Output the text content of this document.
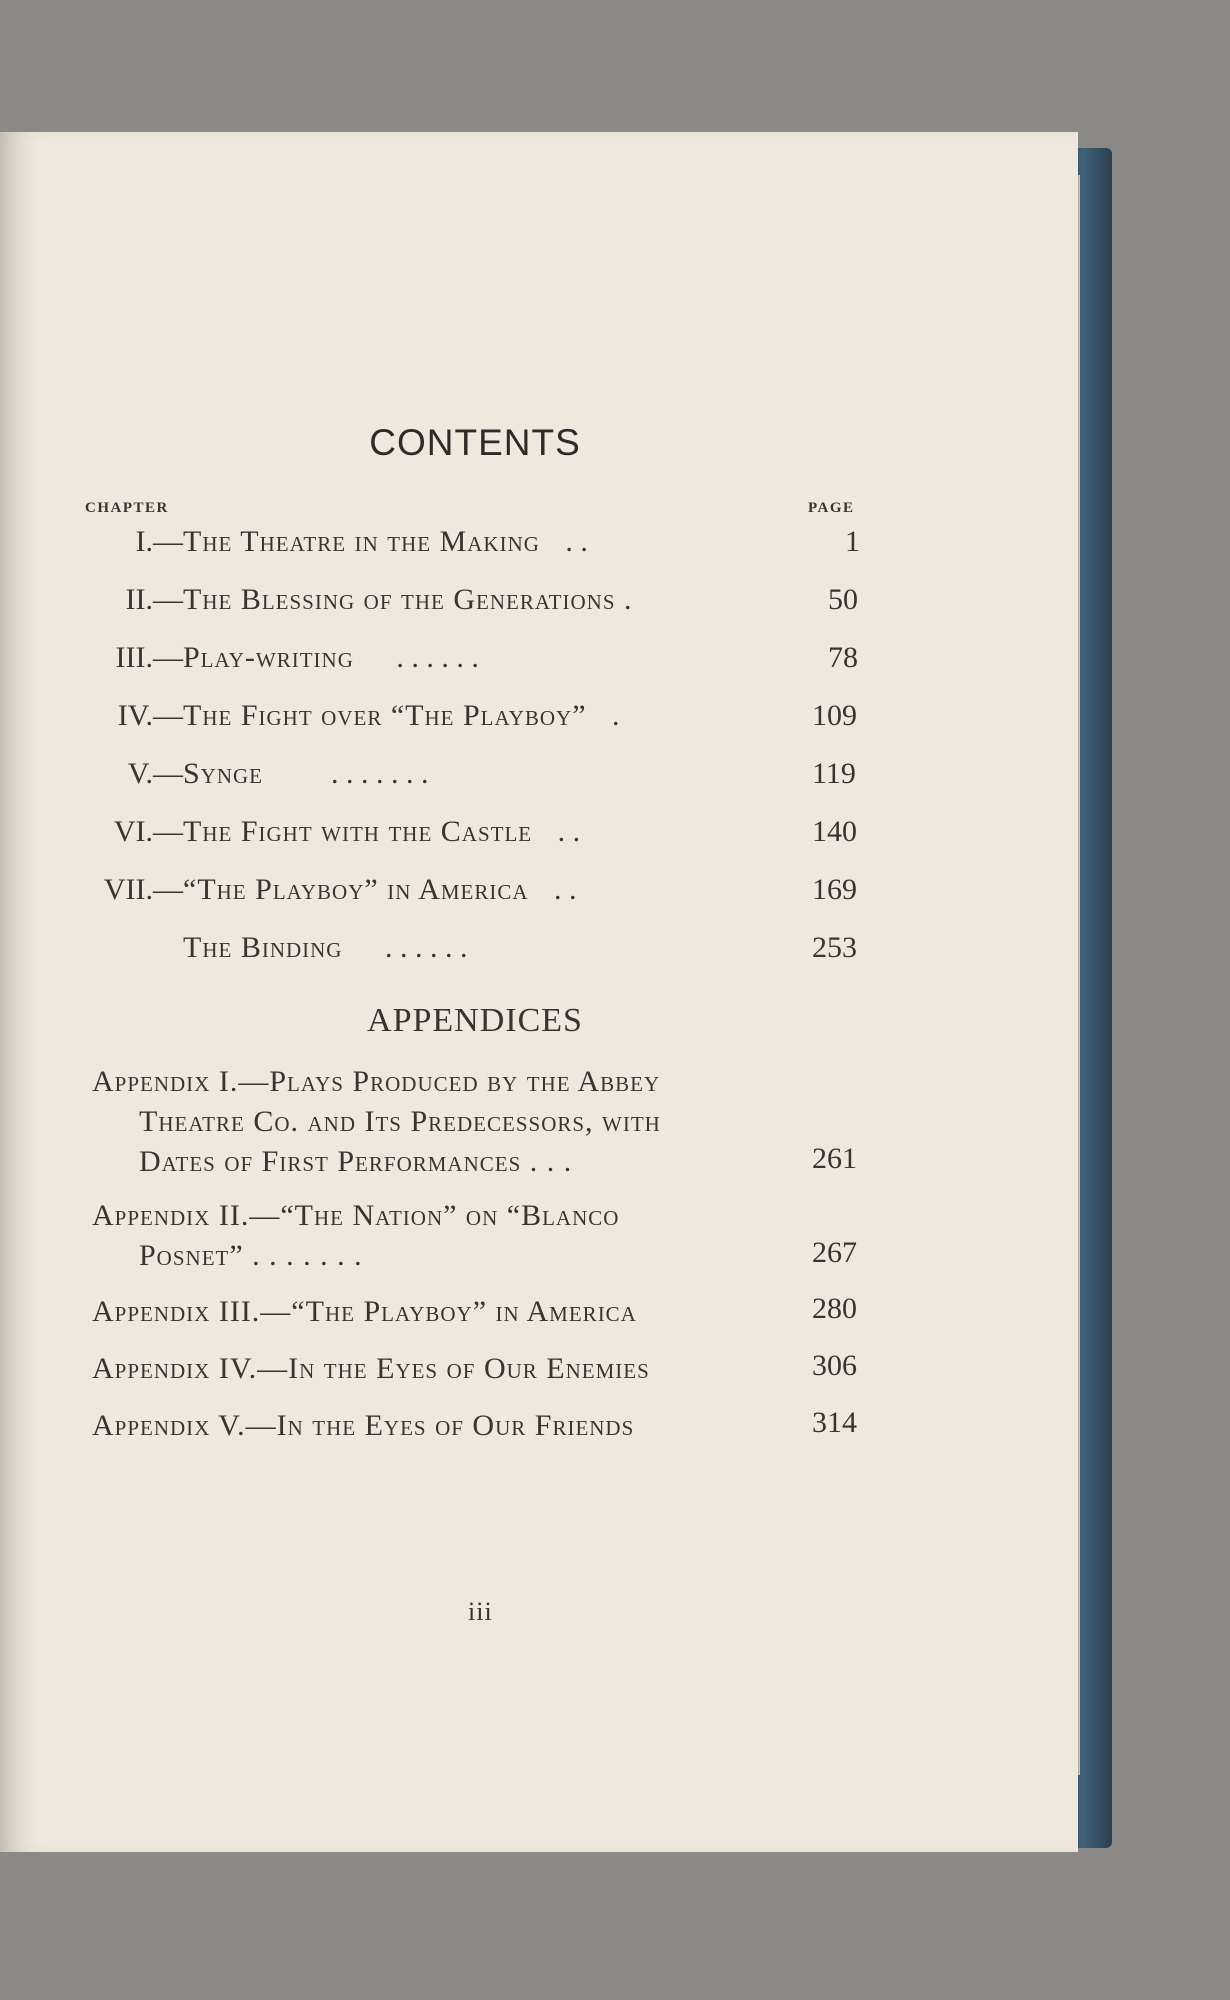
CONTENTS
CHAPTER	PAGE
I.— The Theatre in the Making . .	1
II.— The Blessing of the Generations .	50
III.— Play-writing . . . . . .	78
IV.— The Fight over “The Playboy” .	109
V.— Synge . . . . . . .	119
VI.— The Fight with the Castle . .	140
VII.— “The Playboy” in America . .	169
The Binding . . . . . .	253
APPENDICES
Appendix I.—Plays Produced by the Abbey
Theatre Co. and Its Predecessors, with
Dates of First Performances . . .	261
Appendix II.—“The Nation” on “Blanco
Posnet” . . . . . . .	267
Appendix III.—“The Playboy” in America	280
Appendix IV.—In the Eyes of Our Enemies	306
Appendix V.—In the Eyes of Our Friends	314
iii
